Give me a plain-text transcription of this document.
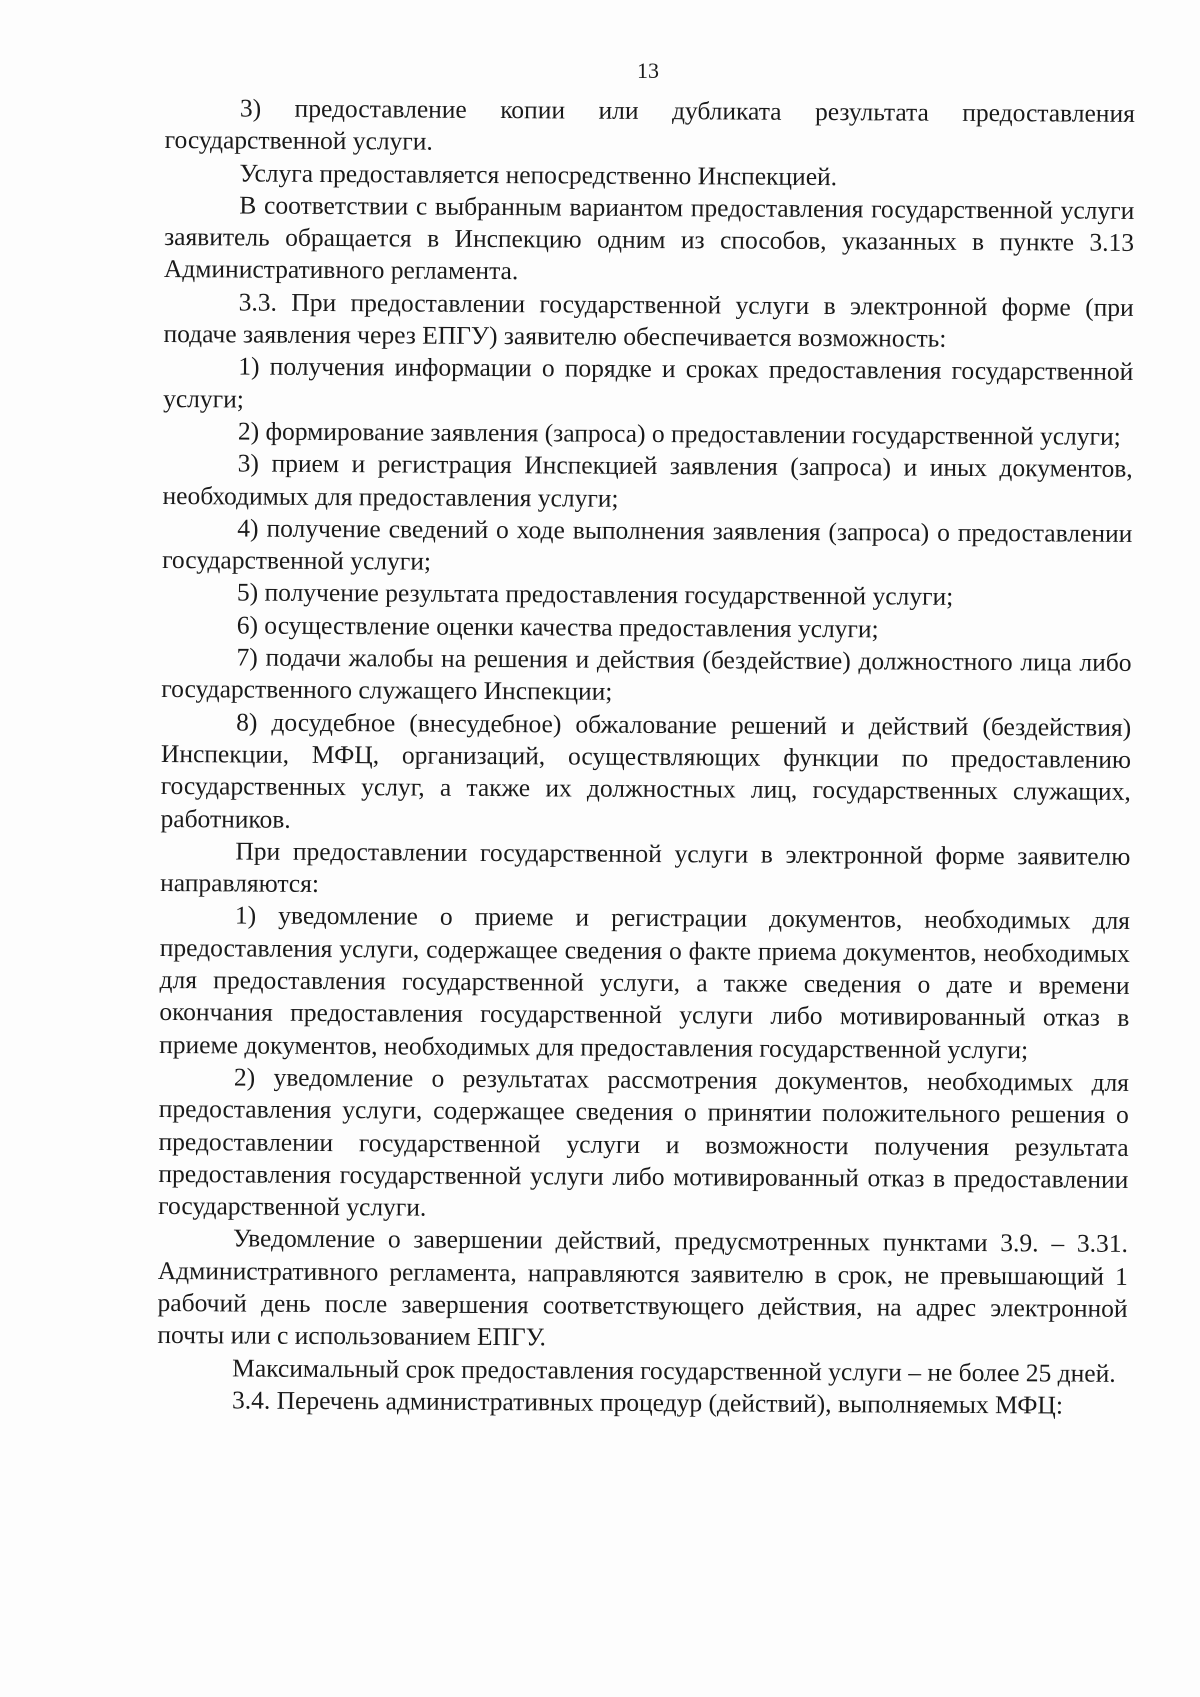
13

3) предоставление копии или дубликата результата предоставления государственной услуги.

Услуга предоставляется непосредственно Инспекцией.

В соответствии с выбранным вариантом предоставления государственной услуги заявитель обращается в Инспекцию одним из способов, указанных в пункте 3.13 Административного регламента.

3.3. При предоставлении государственной услуги в электронной форме (при подаче заявления через ЕПГУ) заявителю обеспечивается возможность:

1) получения информации о порядке и сроках предоставления государственной услуги;

2) формирование заявления (запроса) о предоставлении государственной услуги;

3) прием и регистрация Инспекцией заявления (запроса) и иных документов, необходимых для предоставления услуги;

4) получение сведений о ходе выполнения заявления (запроса) о предоставлении государственной услуги;

5) получение результата предоставления государственной услуги;

6) осуществление оценки качества предоставления услуги;

7) подачи жалобы на решения и действия (бездействие) должностного лица либо государственного служащего Инспекции;

8) досудебное (внесудебное) обжалование решений и действий (бездействия) Инспекции, МФЦ, организаций, осуществляющих функции по предоставлению государственных услуг, а также их должностных лиц, государственных служащих, работников.

При предоставлении государственной услуги в электронной форме заявителю направляются:

1) уведомление о приеме и регистрации документов, необходимых для предоставления услуги, содержащее сведения о факте приема документов, необходимых для предоставления государственной услуги, а также сведения о дате и времени окончания предоставления государственной услуги либо мотивированный отказ в приеме документов, необходимых для предоставления государственной услуги;

2) уведомление о результатах рассмотрения документов, необходимых для предоставления услуги, содержащее сведения о принятии положительного решения о предоставлении государственной услуги и возможности получения результата предоставления государственной услуги либо мотивированный отказ в предоставлении государственной услуги.

Уведомление о завершении действий, предусмотренных пунктами 3.9. – 3.31. Административного регламента, направляются заявителю в срок, не превышающий 1 рабочий день после завершения соответствующего действия, на адрес электронной почты или с использованием ЕПГУ.

Максимальный срок предоставления государственной услуги – не более 25 дней.

3.4. Перечень административных процедур (действий), выполняемых МФЦ:
